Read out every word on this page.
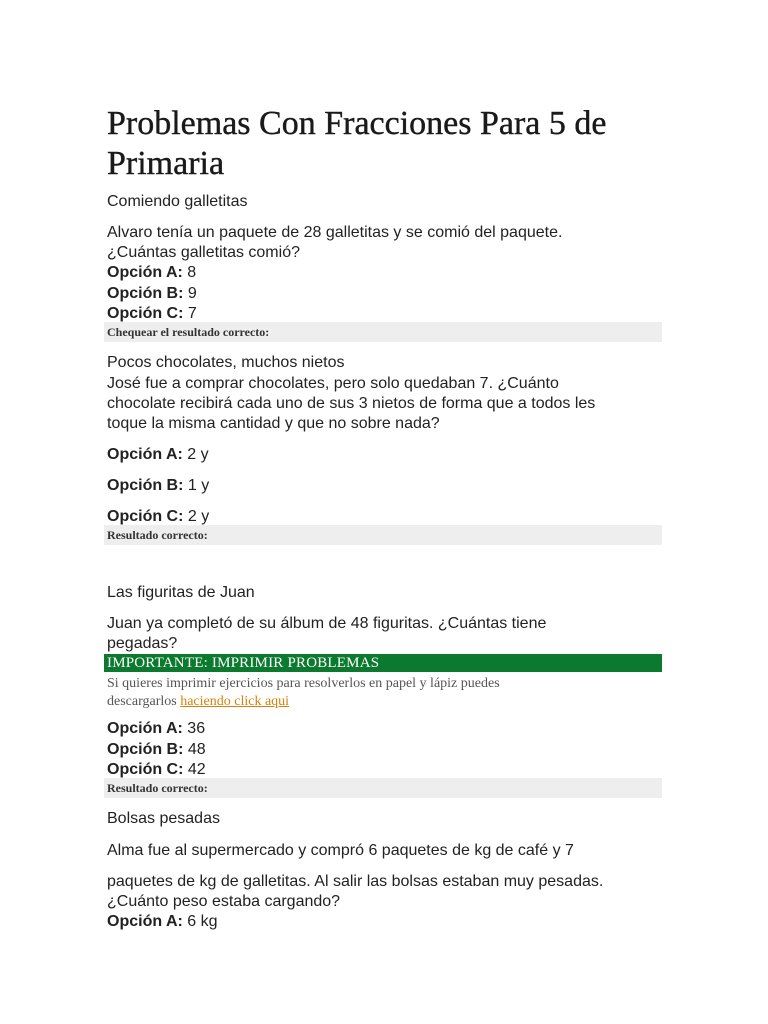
Problemas Con Fracciones Para 5 de Primaria
Comiendo galletitas
Alvaro tenía un paquete de 28 galletitas y se comió del paquete.
¿Cuántas galletitas comió?
Opción A: 8
Opción B: 9
Opción C: 7
Chequear el resultado correcto:
Pocos chocolates, muchos nietos
José fue a comprar chocolates, pero solo quedaban 7. ¿Cuánto
chocolate recibirá cada uno de sus 3 nietos de forma que a todos les
toque la misma cantidad y que no sobre nada?
Opción A: 2 y
Opción B: 1 y
Opción C: 2 y
Resultado correcto:
Las figuritas de Juan
Juan ya completó de su álbum de 48 figuritas. ¿Cuántas tiene
pegadas?
IMPORTANTE: IMPRIMIR PROBLEMAS
Si quieres imprimir ejercicios para resolverlos en papel y lápiz puedes
descargarlos haciendo click aqui
Opción A: 36
Opción B: 48
Opción C: 42
Resultado correcto:
Bolsas pesadas
Alma fue al supermercado y compró 6 paquetes de kg de café y 7
paquetes de kg de galletitas. Al salir las bolsas estaban muy pesadas.
¿Cuánto peso estaba cargando?
Opción A: 6 kg
